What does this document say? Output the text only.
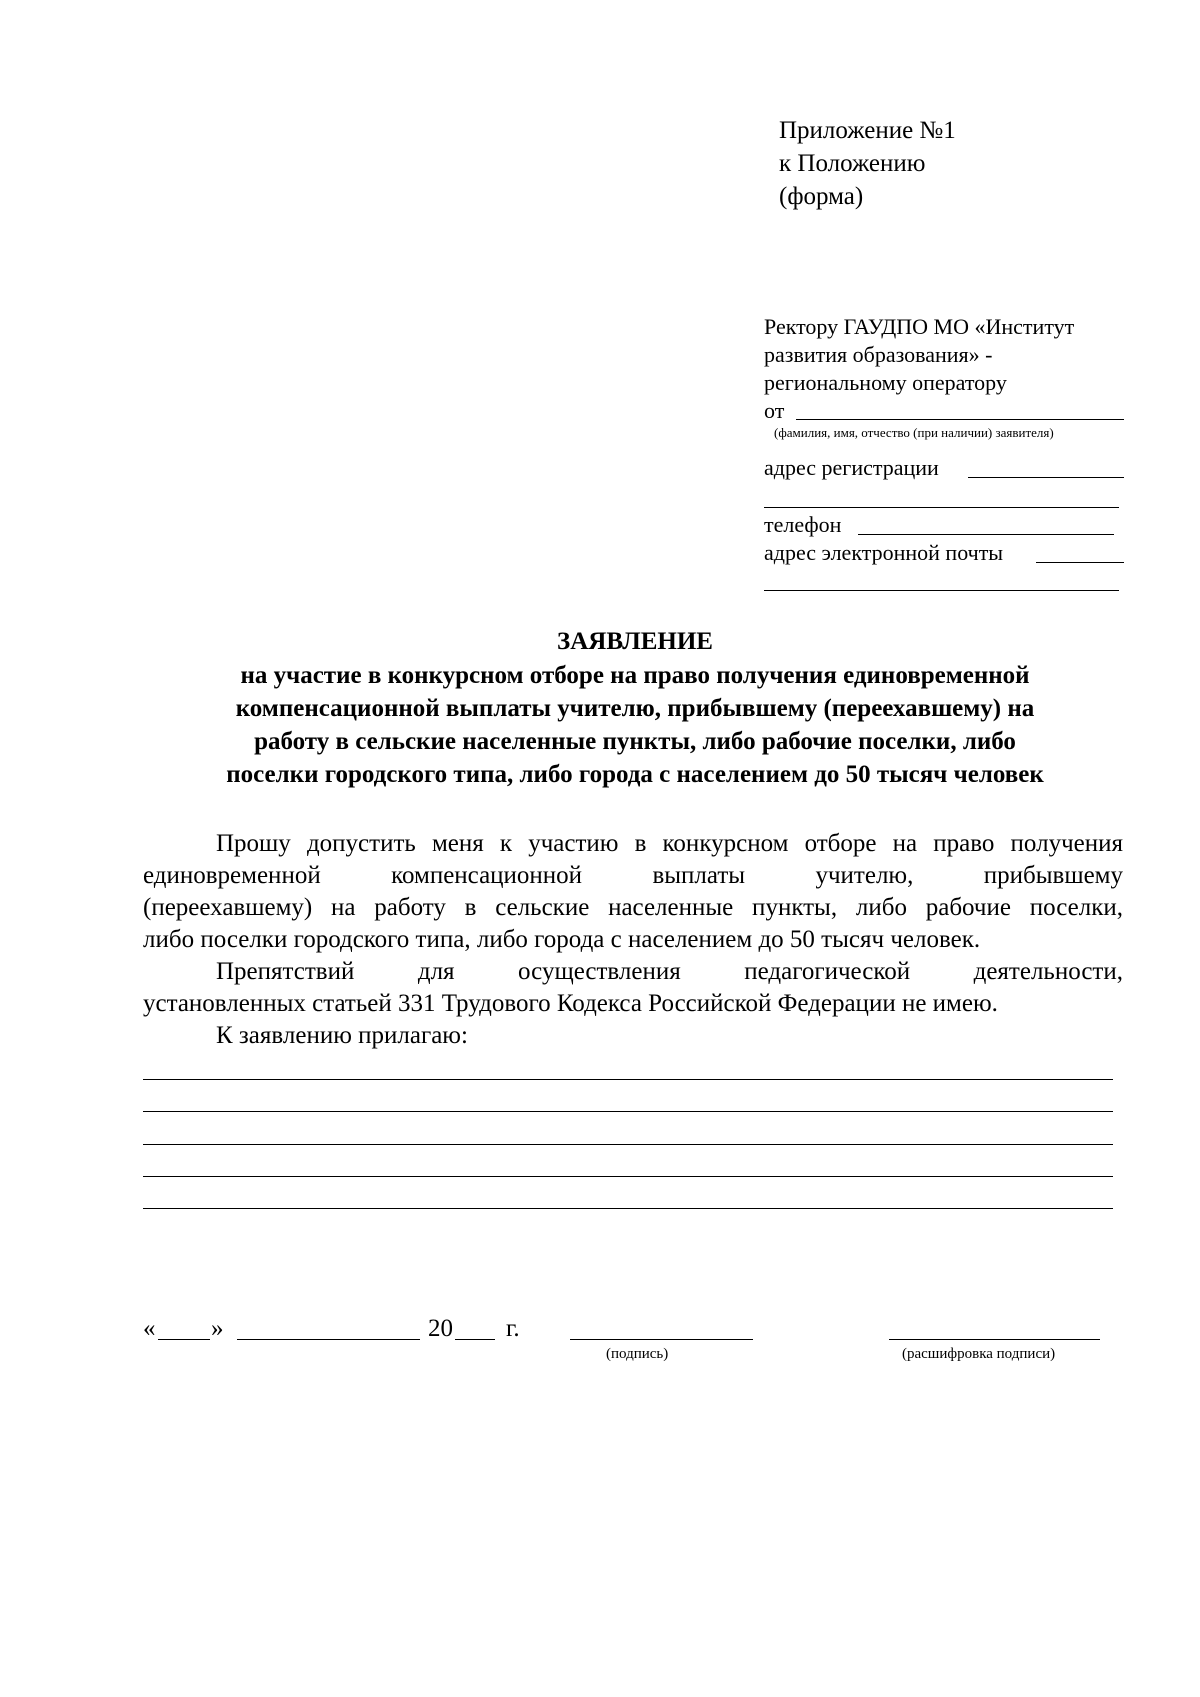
Приложение №1
к Положению
(форма)
Ректору ГАУДПО МО «Институт
развития образования» -
региональному оператору
от
(фамилия, имя, отчество (при наличии) заявителя)
адрес регистрации
телефон
адрес электронной почты
ЗАЯВЛЕНИЕ
на участие в конкурсном отборе на право получения единовременной
компенсационной выплаты учителю, прибывшему (переехавшему) на
работу в сельские населенные пункты, либо рабочие поселки, либо
поселки городского типа, либо города с населением до 50 тысяч человек
Прошу допустить меня к участию в конкурсном отборе на право получения
единовременной компенсационной выплаты учителю, прибывшему
(переехавшему) на работу в сельские населенные пункты, либо рабочие поселки,
либо поселки городского типа, либо города с населением до 50 тысяч человек.
Препятствий для осуществления педагогической деятельности,
установленных статьей 331 Трудового Кодекса Российской Федерации не имею.
К заявлению прилагаю:
« »	20 г.
(подпись)	(расшифровка подписи)
